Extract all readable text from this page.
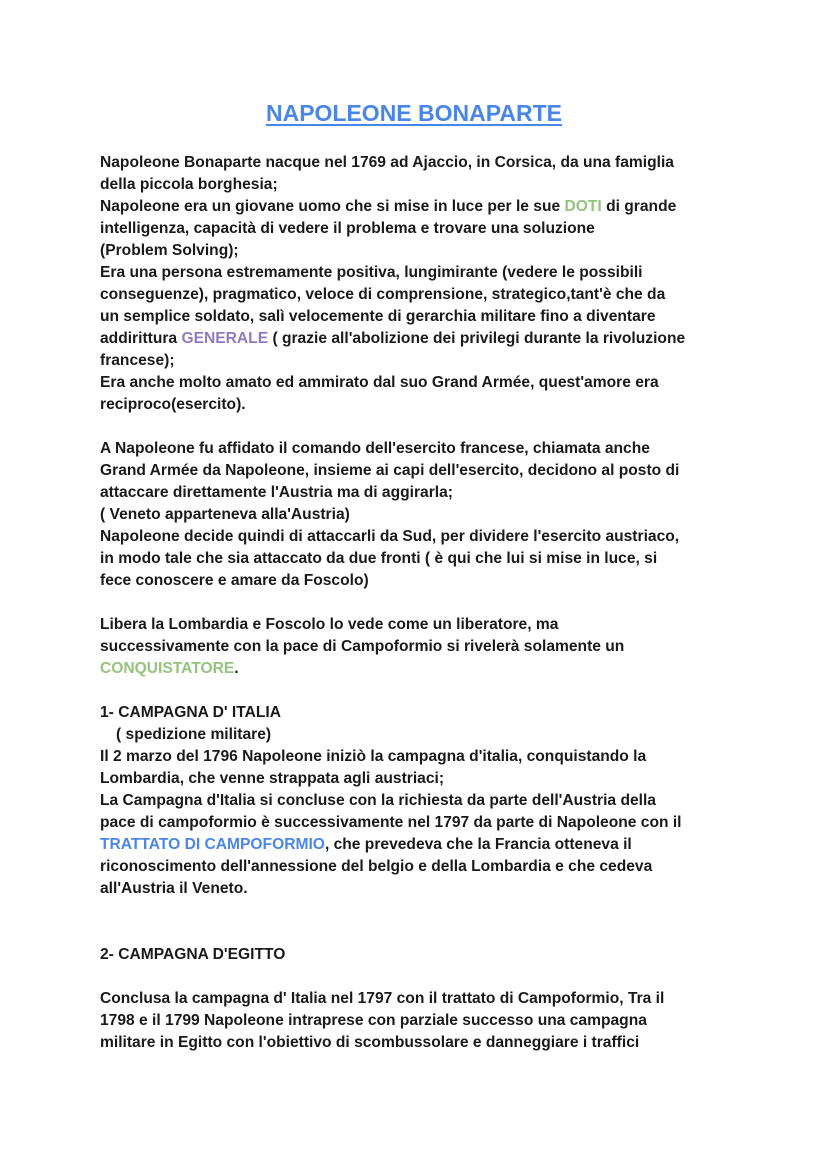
NAPOLEONE BONAPARTE

Napoleone Bonaparte nacque nel 1769 ad Ajaccio, in Corsica, da una famiglia

della piccola borghesia;

Napoleone era un giovane uomo che si mise in luce per le sue DOTI di grande

intelligenza, capacità di vedere il problema e trovare una soluzione

(Problem Solving);

Era una persona estremamente positiva, lungimirante (vedere le possibili

conseguenze), pragmatico, veloce di comprensione, strategico,tant'è che da

un semplice soldato, salì velocemente di gerarchia militare fino a diventare

addirittura GENERALE ( grazie all'abolizione dei privilegi durante la rivoluzione

francese);

Era anche molto amato ed ammirato dal suo Grand Armée, quest'amore era

reciproco(esercito).

A Napoleone fu affidato il comando dell'esercito francese, chiamata anche

Grand Armée da Napoleone, insieme ai capi dell'esercito, decidono al posto di

attaccare direttamente l'Austria ma di aggirarla;

( Veneto apparteneva alla'Austria)

Napoleone decide quindi di attaccarli da Sud, per dividere l'esercito austriaco,

in modo tale che sia attaccato da due fronti ( è qui che lui si mise in luce, si

fece conoscere e amare da Foscolo)

Libera la Lombardia e Foscolo lo vede come un liberatore, ma

successivamente con la pace di Campoformio si rivelerà solamente un

CONQUISTATORE.

1- CAMPAGNA D' ITALIA

( spedizione militare)

Il 2 marzo del 1796 Napoleone iniziò la campagna d'italia, conquistando la

Lombardia, che venne strappata agli austriaci;

La Campagna d'Italia si concluse con la richiesta da parte dell'Austria della

pace di campoformio è successivamente nel 1797 da parte di Napoleone con il

TRATTATO DI CAMPOFORMIO, che prevedeva che la Francia otteneva il

riconoscimento dell'annessione del belgio e della Lombardia e che cedeva

all'Austria il Veneto.

2- CAMPAGNA D'EGITTO

Conclusa la campagna d' Italia nel 1797 con il trattato di Campoformio, Tra il

1798 e il 1799 Napoleone intraprese con parziale successo una campagna

militare in Egitto con l'obiettivo di scombussolare e danneggiare i traffici
